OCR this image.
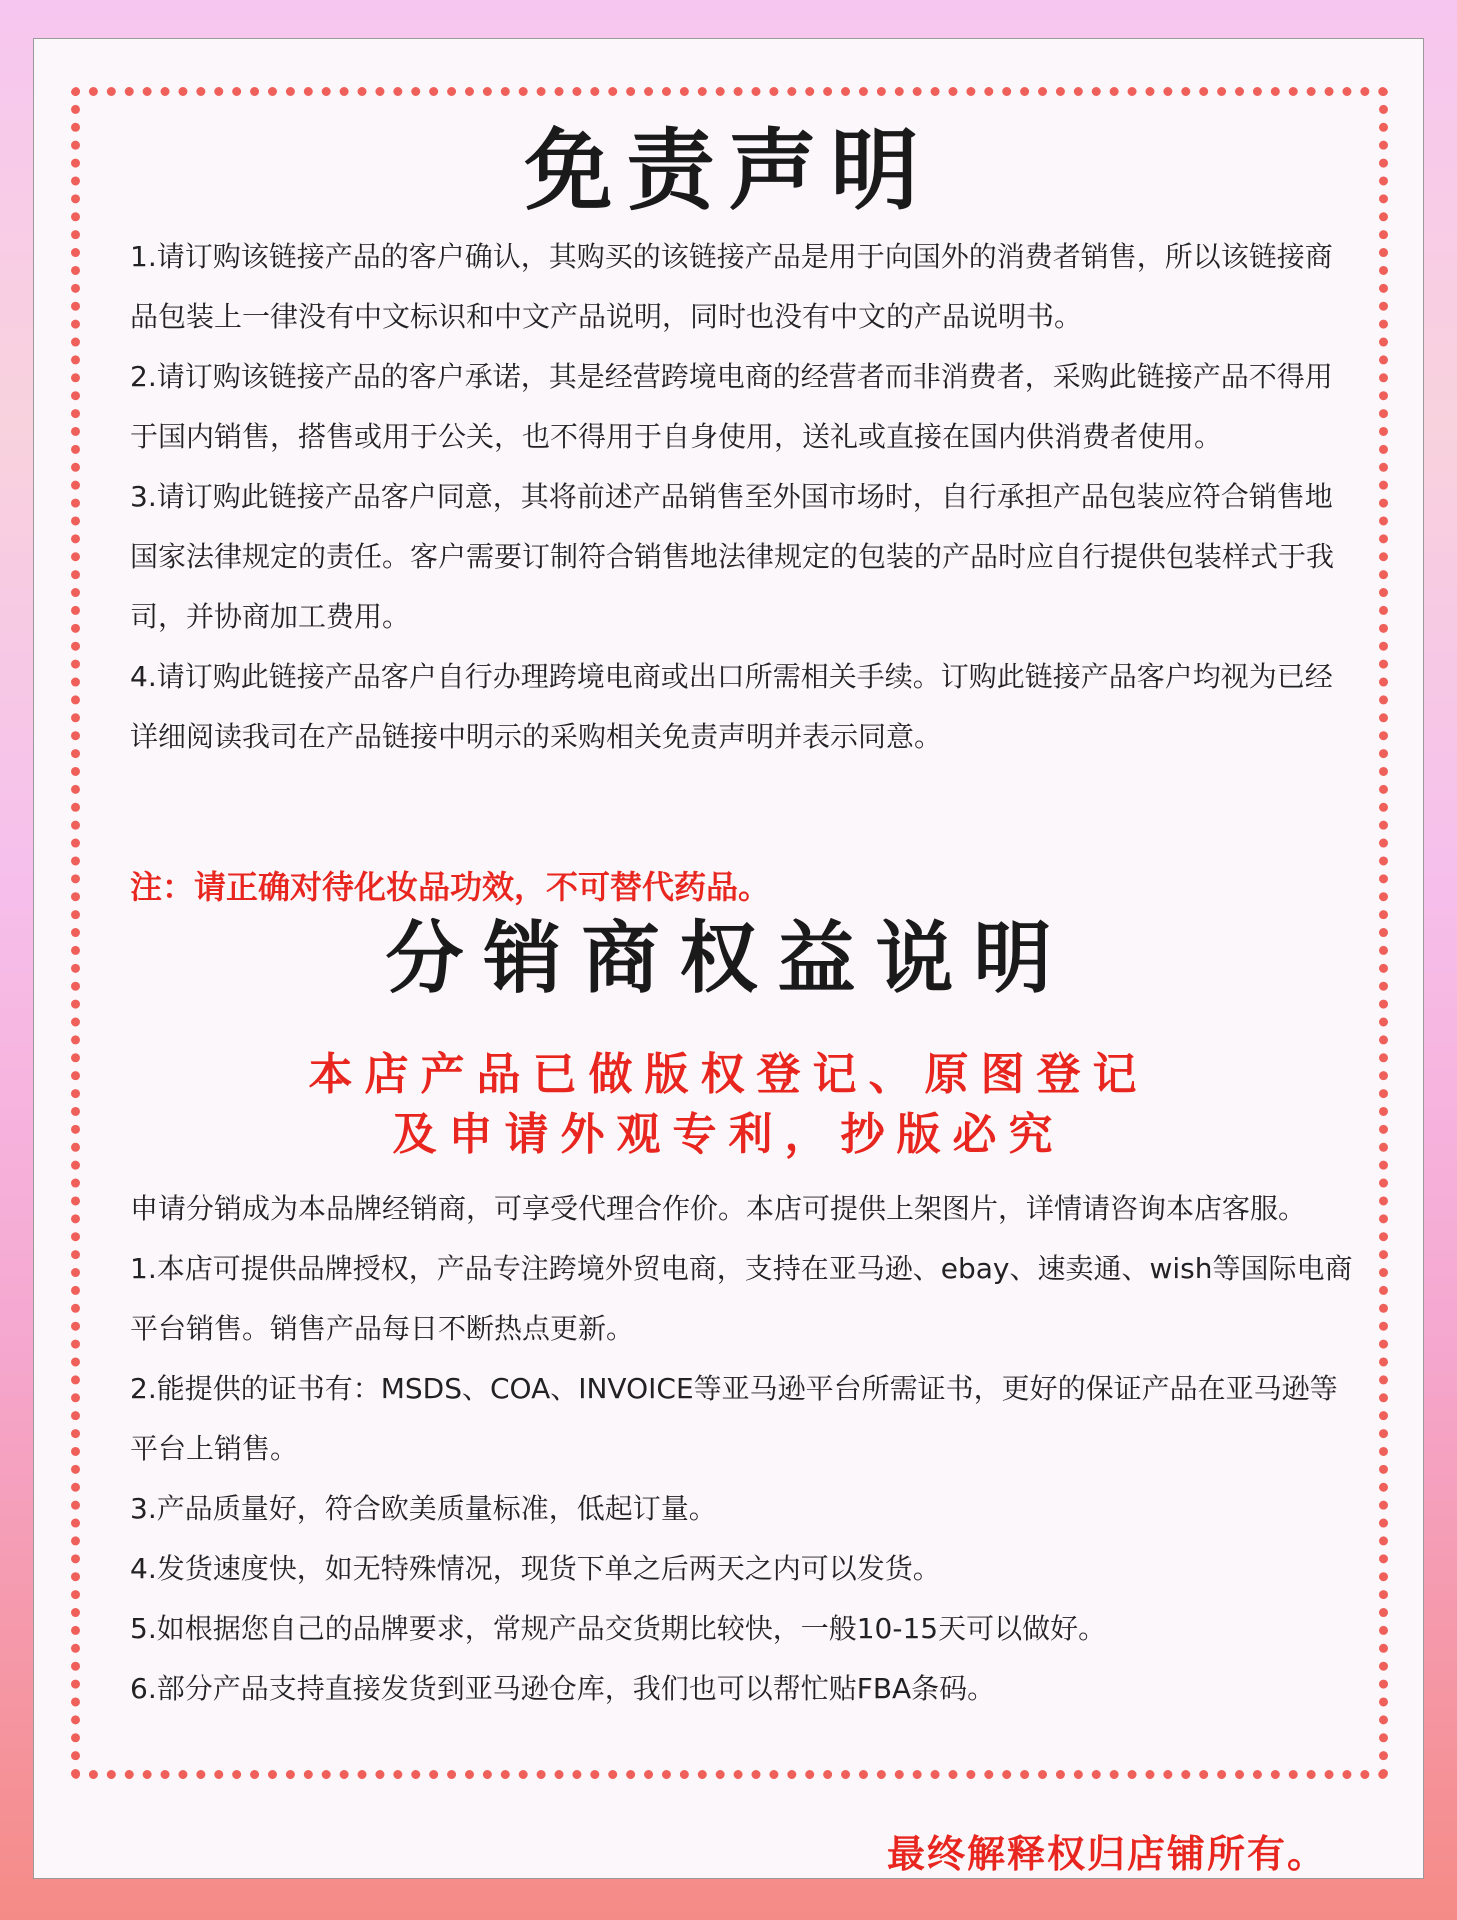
免责声明

1.请订购该链接产品的客户确认，其购买的该链接产品是用于向国外的消费者销售，所以该链接商品包装上一律没有中文标识和中文产品说明，同时也没有中文的产品说明书。

2.请订购该链接产品的客户承诺，其是经营跨境电商的经营者而非消费者，采购此链接产品不得用于国内销售，搭售或用于公关，也不得用于自身使用，送礼或直接在国内供消费者使用。

3.请订购此链接产品客户同意，其将前述产品销售至外国市场时，自行承担产品包装应符合销售地国家法律规定的责任。客户需要订制符合销售地法律规定的包装的产品时应自行提供包装样式于我司，并协商加工费用。

4.请订购此链接产品客户自行办理跨境电商或出口所需相关手续。订购此链接产品客户均视为已经详细阅读我司在产品链接中明示的采购相关免责声明并表示同意。

注：请正确对待化妆品功效，不可替代药品。
分销商权益说明
本店产品已做版权登记、原图登记
及申请外观专利，抄版必究

申请分销成为本品牌经销商，可享受代理合作价。本店可提供上架图片，详情请咨询本店客服。

1.本店可提供品牌授权，产品专注跨境外贸电商，支持在亚马逊、ebay、速卖通、wish等国际电商平台销售。销售产品每日不断热点更新。

2.能提供的证书有：MSDS、COA、INVOICE等亚马逊平台所需证书，更好的保证产品在亚马逊等平台上销售。

3.产品质量好，符合欧美质量标准，低起订量。

4.发货速度快，如无特殊情况，现货下单之后两天之内可以发货。

5.如根据您自己的品牌要求，常规产品交货期比较快，一般10-15天可以做好。

6.部分产品支持直接发货到亚马逊仓库，我们也可以帮忙贴FBA条码。

最终解释权归店铺所有。
